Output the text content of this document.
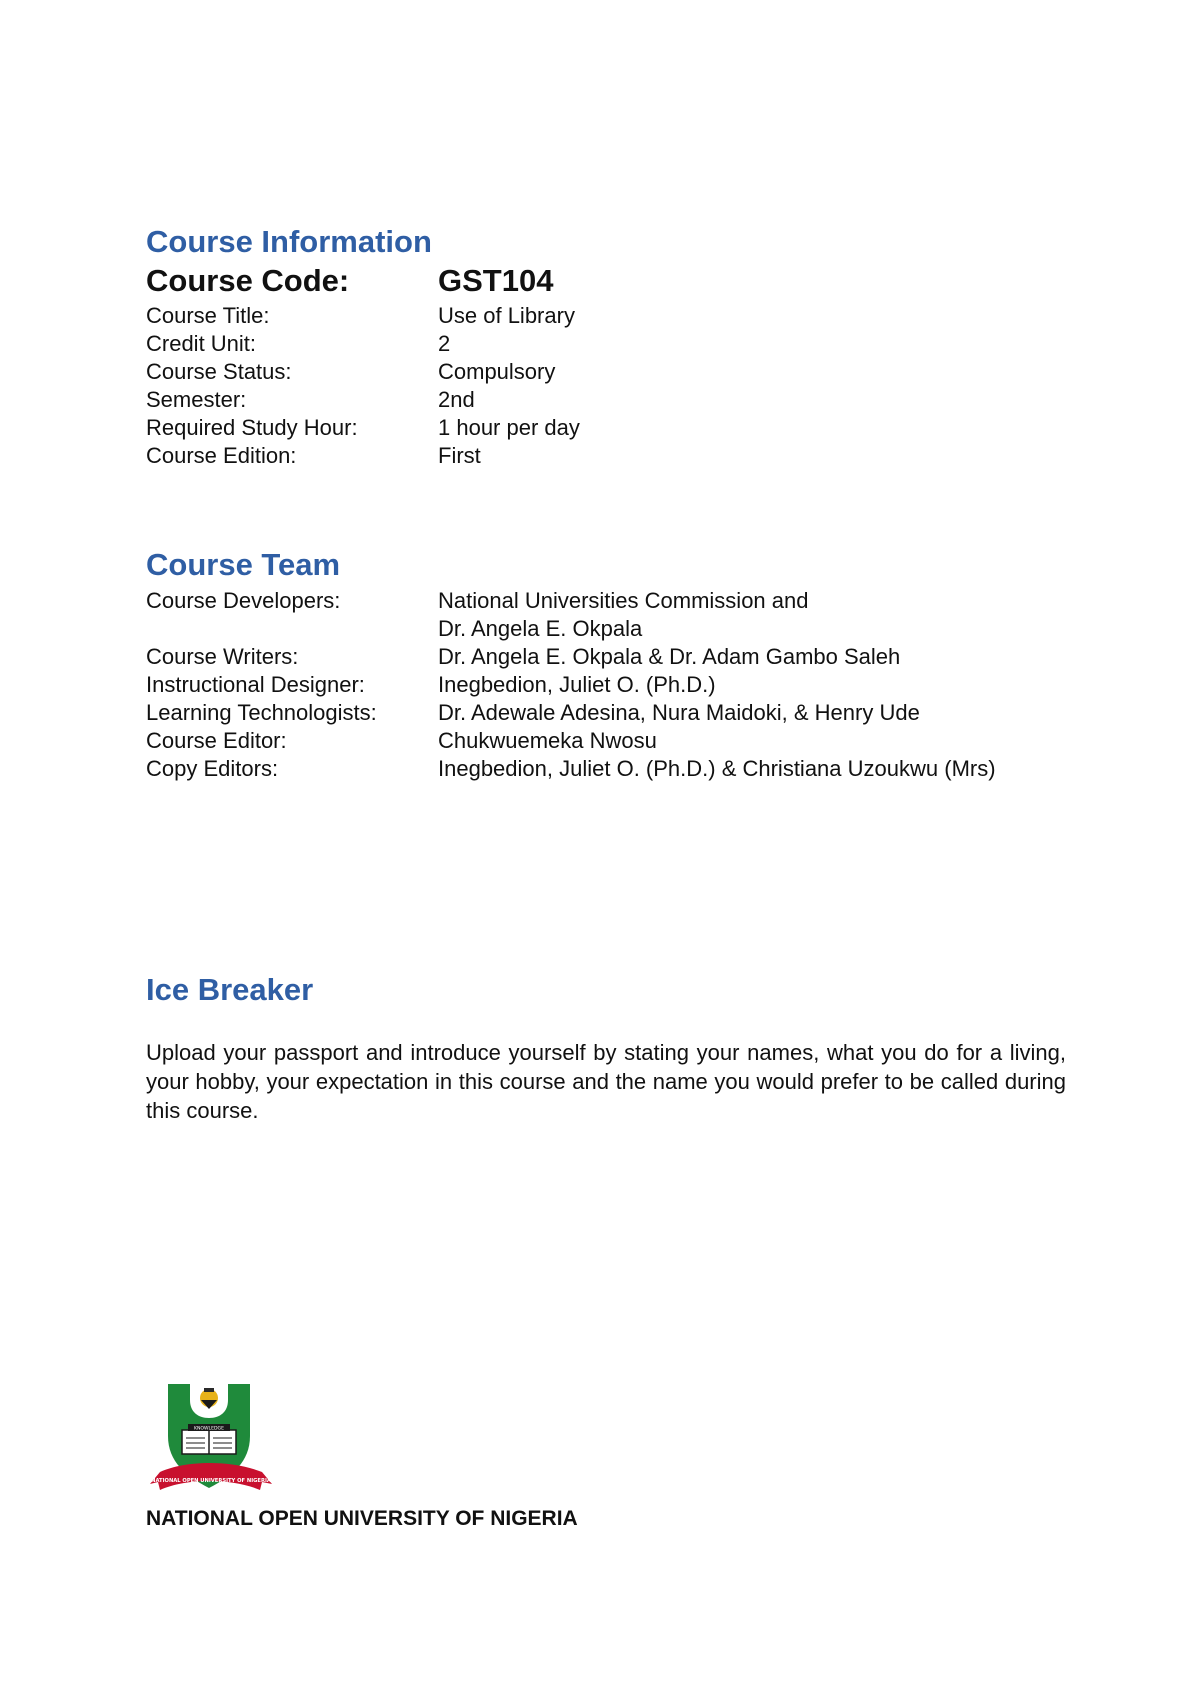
Course Information
Course Code:	GST104
Course Title:	Use of Library
Credit Unit:	2
Course Status:	Compulsory
Semester:	2nd
Required Study Hour:	1 hour per day
Course Edition:	First
Course Team
Course Developers:	National Universities Commission and
Dr. Angela E. Okpala
Course Writers:	Dr. Angela E. Okpala & Dr. Adam Gambo Saleh
Instructional Designer:	Inegbedion, Juliet O. (Ph.D.)
Learning Technologists:	Dr. Adewale Adesina, Nura Maidoki, & Henry Ude
Course Editor:	Chukwuemeka Nwosu
Copy Editors:	Inegbedion, Juliet O. (Ph.D.) & Christiana Uzoukwu (Mrs)
Ice Breaker

Upload your passport and introduce yourself by stating your names, what you do for a living, your hobby, your expectation in this course and the name you would prefer to be called during this course.

KNOWLEDGE
NATIONAL OPEN UNIVERSITY OF NIGERIA

NATIONAL OPEN UNIVERSITY OF NIGERIA
